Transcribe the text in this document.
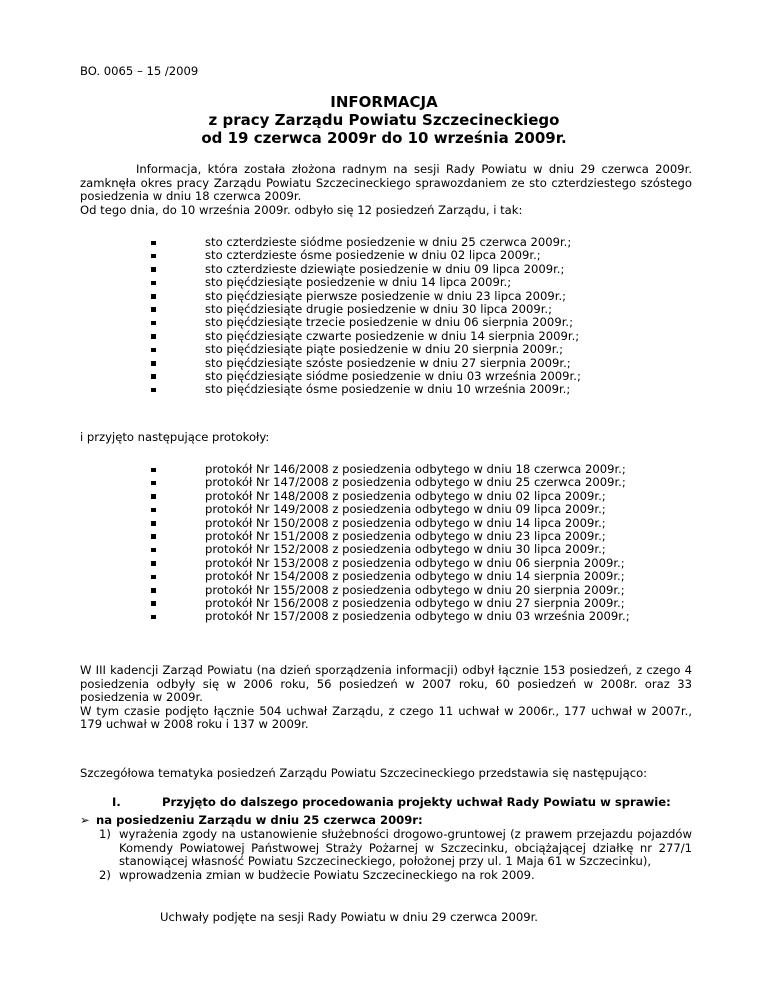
BO. 0065 – 15 /2009
INFORMACJA
z pracy Zarządu Powiatu Szczecineckiego
od 19 czerwca 2009r do 10 września 2009r.

Informacja, która została złożona radnym na sesji Rady Powiatu w dniu 29 czerwca 2009r. zamknęła okres pracy Zarządu Powiatu Szczecineckiego sprawozdaniem ze sto czterdziestego szóstego posiedzenia w dniu 18 czerwca 2009r.

Od tego dnia, do 10 września 2009r. odbyło się 12 posiedzeń Zarządu, i tak:

sto czterdzieste siódme posiedzenie w dniu 25 czerwca 2009r.;
sto czterdzieste ósme posiedzenie w dniu 02 lipca 2009r.;
sto czterdzieste dziewiąte posiedzenie w dniu 09 lipca 2009r.;
sto pięćdziesiąte posiedzenie w dniu 14 lipca 2009r.;
sto pięćdziesiąte pierwsze posiedzenie w dniu 23 lipca 2009r.;
sto pięćdziesiąte drugie posiedzenie w dniu 30 lipca 2009r.;
sto pięćdziesiąte trzecie posiedzenie w dniu 06 sierpnia 2009r.;
sto pięćdziesiąte czwarte posiedzenie w dniu 14 sierpnia 2009r.;
sto pięćdziesiąte piąte posiedzenie w dniu 20 sierpnia 2009r.;
sto pięćdziesiąte szóste posiedzenie w dniu 27 sierpnia 2009r.;
sto pięćdziesiąte siódme posiedzenie w dniu 03 września 2009r.;
sto pięćdziesiąte ósme posiedzenie w dniu 10 września 2009r.;
i przyjęto następujące protokoły:
protokół Nr 146/2008 z posiedzenia odbytego w dniu 18 czerwca 2009r.;
protokół Nr 147/2008 z posiedzenia odbytego w dniu 25 czerwca 2009r.;
protokół Nr 148/2008 z posiedzenia odbytego w dniu 02 lipca 2009r.;
protokół Nr 149/2008 z posiedzenia odbytego w dniu 09 lipca 2009r.;
protokół Nr 150/2008 z posiedzenia odbytego w dniu 14 lipca 2009r.;
protokół Nr 151/2008 z posiedzenia odbytego w dniu 23 lipca 2009r.;
protokół Nr 152/2008 z posiedzenia odbytego w dniu 30 lipca 2009r.;
protokół Nr 153/2008 z posiedzenia odbytego w dniu 06 sierpnia 2009r.;
protokół Nr 154/2008 z posiedzenia odbytego w dniu 14 sierpnia 2009r.;
protokół Nr 155/2008 z posiedzenia odbytego w dniu 20 sierpnia 2009r.;
protokół Nr 156/2008 z posiedzenia odbytego w dniu 27 sierpnia 2009r.;
protokół Nr 157/2008 z posiedzenia odbytego w dniu 03 września 2009r.;

W III kadencji Zarząd Powiatu (na dzień sporządzenia informacji) odbył łącznie 153 posiedzeń, z czego 4 posiedzenia odbyły się w 2006 roku, 56 posiedzeń w 2007 roku, 60 posiedzeń w 2008r. oraz 33 posiedzenia w 2009r.

W tym czasie podjęto łącznie 504 uchwał Zarządu, z czego 11 uchwał w 2006r., 177 uchwał w 2007r., 179 uchwał w 2008 roku i 137 w 2009r.

Szczegółowa tematyka posiedzeń Zarządu Powiatu Szczecineckiego przedstawia się następująco:
I.	Przyjęto do dalszego procedowania projekty uchwał Rady Powiatu w sprawie:
➢ na posiedzeniu Zarządu w dniu 25 czerwca 2009r:
1) wyrażenia zgody na ustanowienie służebności drogowo-gruntowej (z prawem przejazdu pojazdów Komendy Powiatowej Państwowej Straży Pożarnej w Szczecinku, obciążającej działkę nr 277/1 stanowiącej własność Powiatu Szczecineckiego, położonej przy ul. 1 Maja 61 w Szczecinku),
2) wprowadzenia zmian w budżecie Powiatu Szczecineckiego na rok 2009.
Uchwały podjęte na sesji Rady Powiatu w dniu 29 czerwca 2009r.
